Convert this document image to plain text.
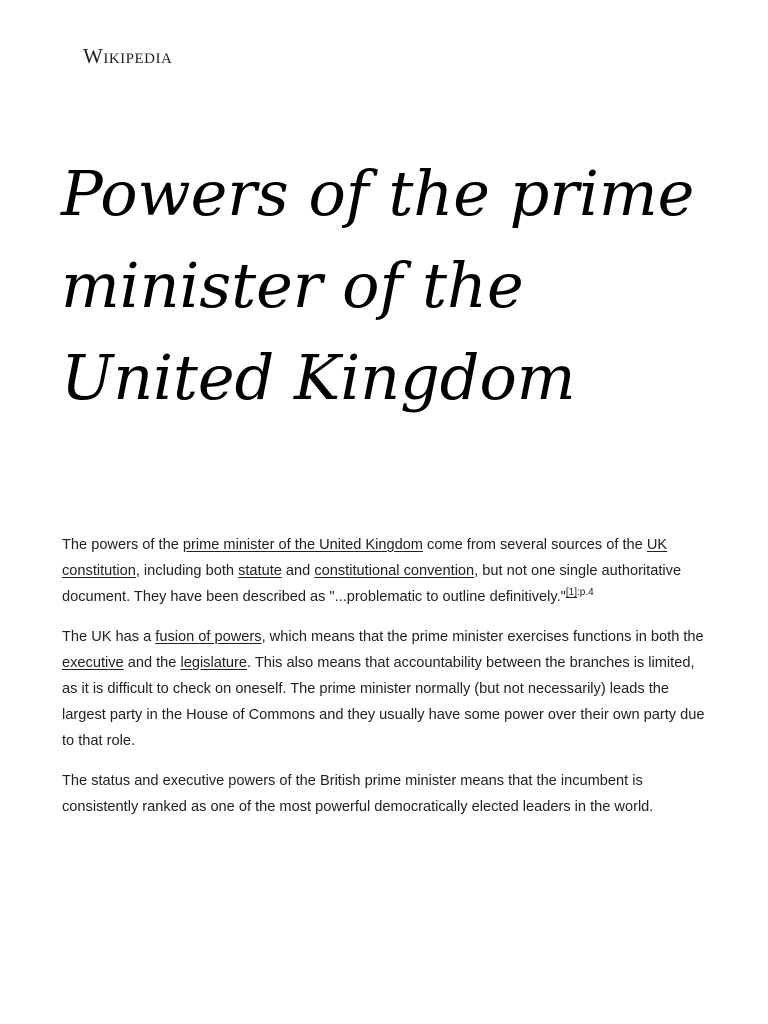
Wikipedia
Powers of the prime minister of the United Kingdom

The powers of the prime minister of the United Kingdom come from several sources of the UK constitution, including both statute and constitutional convention, but not one single authoritative document. They have been described as "...problematic to outline definitively."$^{[1]:p.4}$

The UK has a fusion of powers, which means that the prime minister exercises functions in both the executive and the legislature. This also means that accountability between the branches is limited, as it is difficult to check on oneself. The prime minister normally (but not necessarily) leads the largest party in the House of Commons and they usually have some power over their own party due to that role.

The status and executive powers of the British prime minister means that the incumbent is consistently ranked as one of the most powerful democratically elected leaders in the world.
